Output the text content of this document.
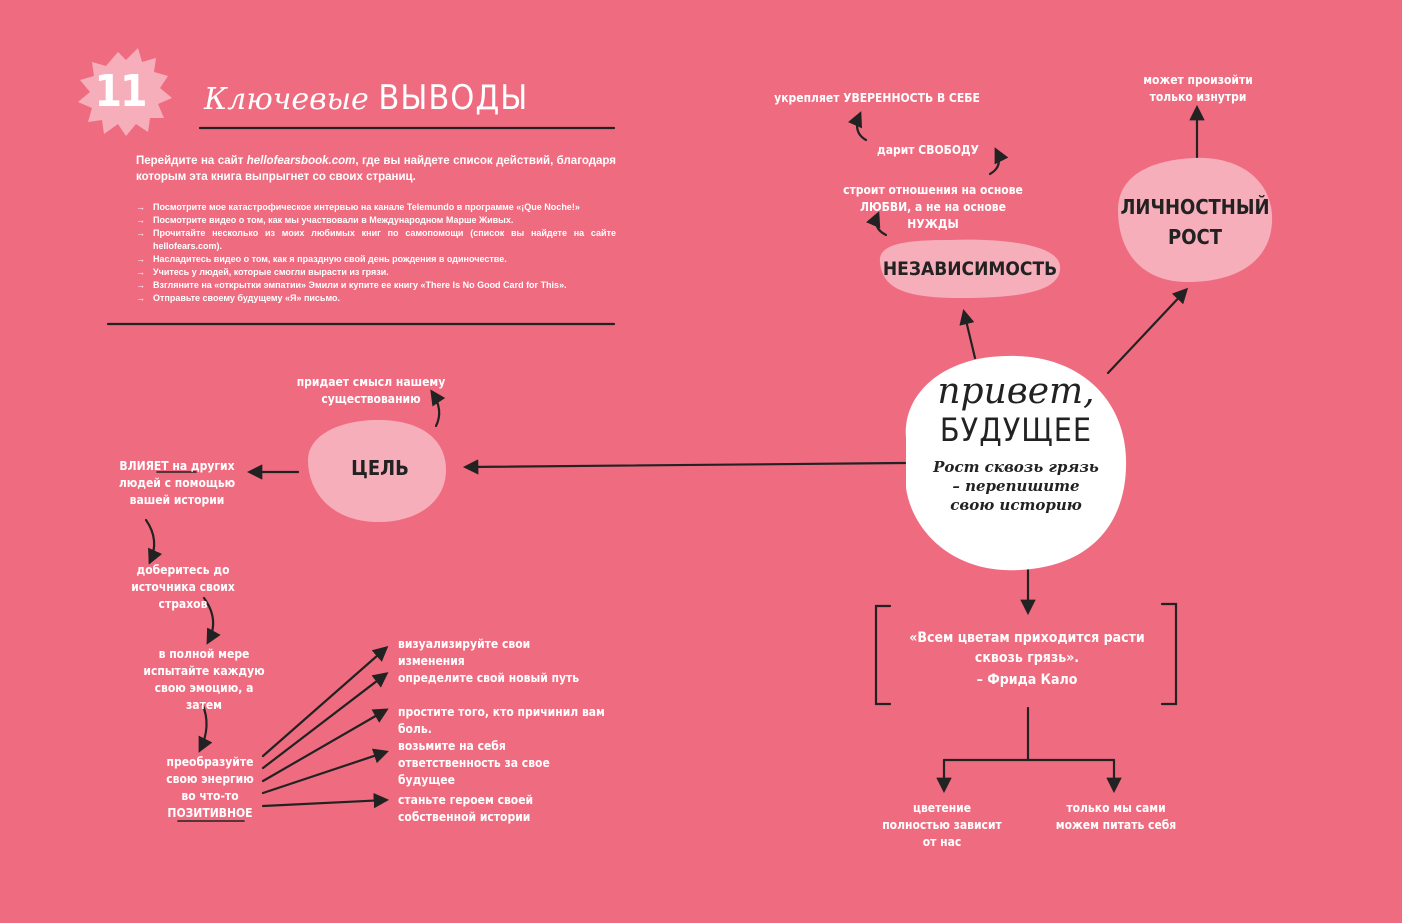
11	Ключевые ВЫВОДЫ
Перейдите на сайт hellofearsbook.com, где вы найдете список действий, благодаря которым эта книга выпрыгнет со своих страниц.
→ Посмотрите мое катастрофическое интервью на канале Telemundo в программе «¡Que Noche!»
→ Посмотрите видео о том, как мы участвовали в Международном Марше Живых.
→ Прочитайте несколько из моих любимых книг по самопомощи (список вы найдете на сайте hellofears.com).
→ Насладитесь видео о том, как я праздную свой день рождения в одиночестве.
→ Учитесь у людей, которые смогли вырасти из грязи.
→ Взгляните на «открытки эмпатии» Эмили и купите ее книгу «There Is No Good Card for This».
→ Отправьте своему будущему «Я» письмо.
привет,
БУДУЩЕЕ
Рост сквозь грязь – перепишите свою историю
НЕЗАВИСИМОСТЬ
укрепляет УВЕРЕННОСТЬ В СЕБЕ
дарит СВОБОДУ
строит отношения на основе ЛЮБВИ, а не на основе НУЖДЫ
ЛИЧНОСТНЫЙ РОСТ
может произойти только изнутри
ЦЕЛЬ
придает смысл нашему существованию
ВЛИЯЕТ на других людей с помощью вашей истории
доберитесь до источника своих страхов
в полной мере испытайте каждую свою эмоцию, а затем
преобразуйте свою энергию во что-то ПОЗИТИВНОЕ
визуализируйте свои изменения
определите свой новый путь
простите того, кто причинил вам боль.
возьмите на себя ответственность за свое будущее
станьте героем своей собственной истории
«Всем цветам приходится расти сквозь грязь».
– Фрида Кало
цветение полностью зависит от нас
только мы сами можем питать себя
